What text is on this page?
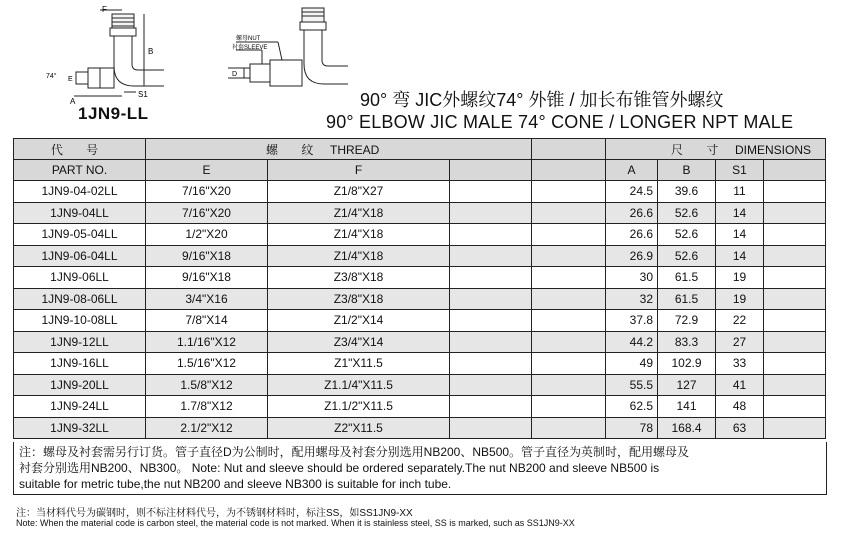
F
B
S1
A
E
74°
螺母NUT
衬套SLEEVE
D
1JN9-LL
90° 弯 JIC外螺纹74° 外锥 / 加长布锥管外螺纹
90° ELBOW JIC MALE 74° CONE / LONGER NPT MALE
代 号	螺 纹 THREAD				尺 寸 DIMENSIONS			
PART NO.	E	F			A	B	S1	
1JN9-04-02LL	7/16"X20	Z1/8"X27			24.5	39.6	11	
1JN9-04LL	7/16"X20	Z1/4"X18			26.6	52.6	14	
1JN9-05-04LL	1/2"X20	Z1/4"X18			26.6	52.6	14	
1JN9-06-04LL	9/16"X18	Z1/4"X18			26.9	52.6	14	
1JN9-06LL	9/16"X18	Z3/8"X18			30	61.5	19	
1JN9-08-06LL	3/4"X16	Z3/8"X18			32	61.5	19	
1JN9-10-08LL	7/8"X14	Z1/2"X14			37.8	72.9	22	
1JN9-12LL	1.1/16"X12	Z3/4"X14			44.2	83.3	27	
1JN9-16LL	1.5/16"X12	Z1"X11.5			49	102.9	33	
1JN9-20LL	1.5/8"X12	Z1.1/4"X11.5			55.5	127	41	
1JN9-24LL	1.7/8"X12	Z1.1/2"X11.5			62.5	141	48	
1JN9-32LL	2.1/2"X12	Z2"X11.5			78	168.4	63	
注：螺母及衬套需另行订货。管子直径D为公制时，配用螺母及衬套分别选用NB200、NB500。管子直径为英制时，配用螺母及
衬套分别选用NB200、NB300。 Note: Nut and sleeve should be ordered separately.The nut NB200 and sleeve NB500 is
suitable for metric tube,the nut NB200 and sleeve NB300 is suitable for inch tube.
注：当材料代号为碳钢时，则不标注材料代号，为不锈钢材料时，标注SS，如SS1JN9-XX
Note: When the material code is carbon steel, the material code is not marked. When it is stainless steel, SS is marked, such as SS1JN9-XX
